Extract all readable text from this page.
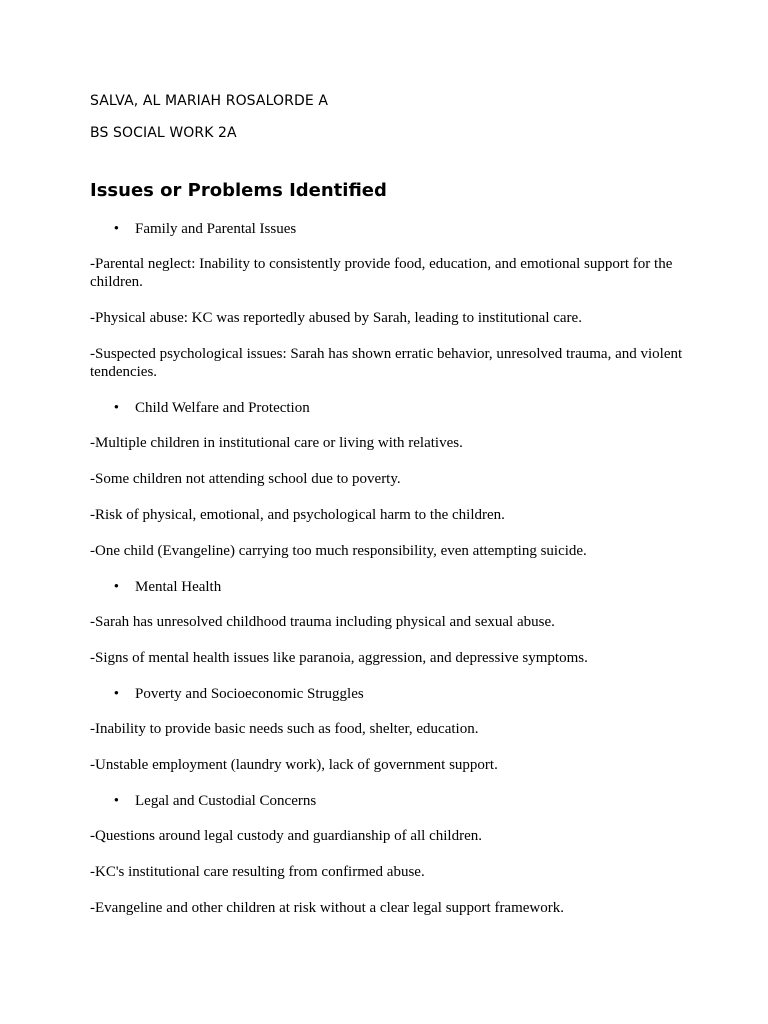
SALVA, AL MARIAH ROSALORDE A

BS SOCIAL WORK 2A

Issues or Problems Identified
•	Family and Parental Issues

-Parental neglect: Inability to consistently provide food, education, and emotional support for the children.

-Physical abuse: KC was reportedly abused by Sarah, leading to institutional care.

-Suspected psychological issues: Sarah has shown erratic behavior, unresolved trauma, and violent tendencies.

•	Child Welfare and Protection

-Multiple children in institutional care or living with relatives.

-Some children not attending school due to poverty.

-Risk of physical, emotional, and psychological harm to the children.

-One child (Evangeline) carrying too much responsibility, even attempting suicide.

•	Mental Health

-Sarah has unresolved childhood trauma including physical and sexual abuse.

-Signs of mental health issues like paranoia, aggression, and depressive symptoms.

•	Poverty and Socioeconomic Struggles

-Inability to provide basic needs such as food, shelter, education.

-Unstable employment (laundry work), lack of government support.

•	Legal and Custodial Concerns

-Questions around legal custody and guardianship of all children.

-KC's institutional care resulting from confirmed abuse.

-Evangeline and other children at risk without a clear legal support framework.
